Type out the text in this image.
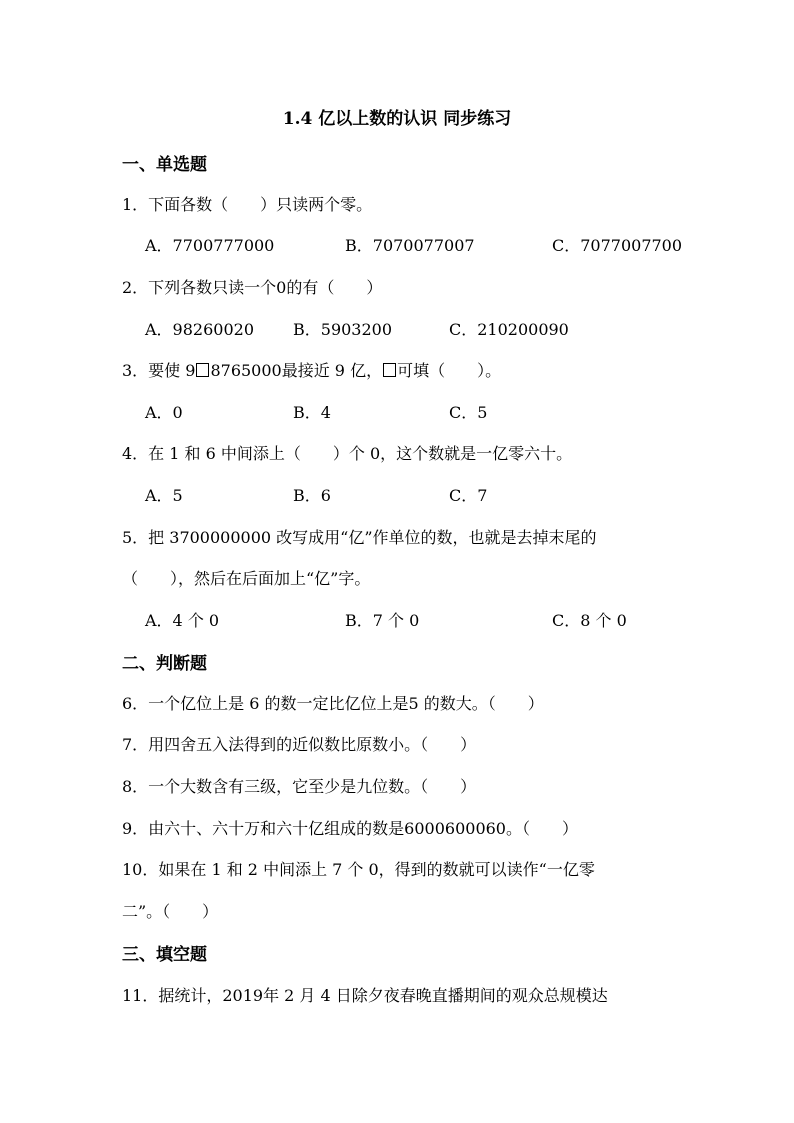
1.4 亿以上数的认识 同步练习
一、单选题
1．下面各数（　　）只读两个零。
A．7700777000	B．7070077007	C．7077007700
2．下列各数只读一个0的有（　　）
A．98260020 B．5903200	C．210200090
3．要使 9 8765000最接近 9 亿， 可填（　　）。
A．0	B．4	C．5
4．在 1 和 6 中间添上（　　）个 0，这个数就是一亿零六十。
A．5	B．6	C．7
5．把 3700000000 改写成用“亿”作单位的数，也就是去掉末尾的
（　　），然后在后面加上“亿”字。
A．4 个 0	B．7 个 0	C．8 个 0
二、判断题
6．一个亿位上是 6 的数一定比亿位上是5 的数大。（　　）
7．用四舍五入法得到的近似数比原数小。（　　）
8．一个大数含有三级，它至少是九位数。（　　）
9．由六十、六十万和六十亿组成的数是6000600060。（　　）
10．如果在 1 和 2 中间添上 7 个 0，得到的数就可以读作“一亿零
二”。（　　）
三、填空题
11．据统计，2019年 2 月 4 日除夕夜春晚直播期间的观众总规模达
